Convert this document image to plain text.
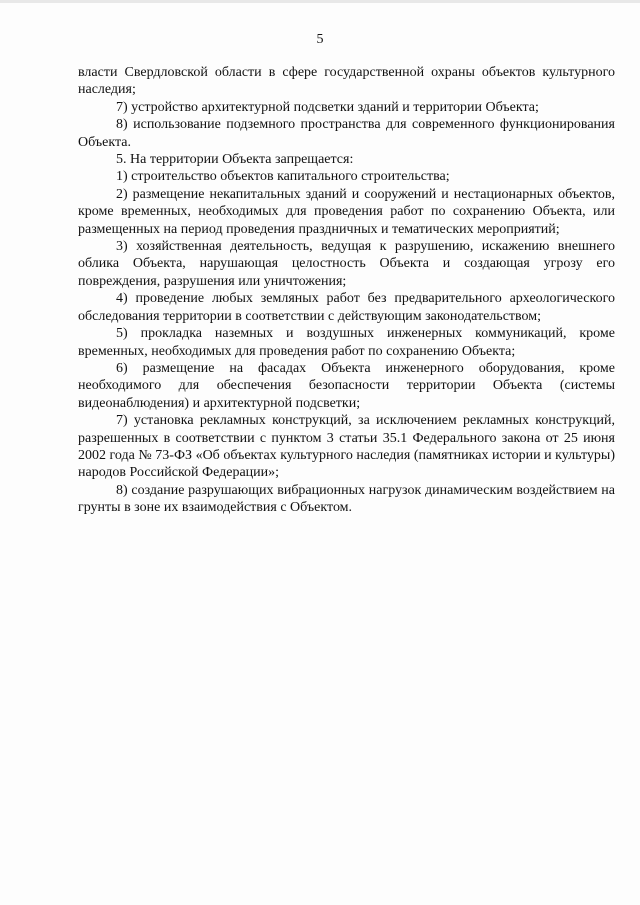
5

власти Свердловской области в сфере государственной охраны объектов культурного наследия;

7) устройство архитектурной подсветки зданий и территории Объекта;

8) использование подземного пространства для современного функционирования Объекта.

5. На территории Объекта запрещается:

1) строительство объектов капитального строительства;

2) размещение некапитальных зданий и сооружений и нестационарных объектов, кроме временных, необходимых для проведения работ по сохранению Объекта, или размещенных на период проведения праздничных и тематических мероприятий;

3) хозяйственная деятельность, ведущая к разрушению, искажению внешнего облика Объекта, нарушающая целостность Объекта и создающая угрозу его повреждения, разрушения или уничтожения;

4) проведение любых земляных работ без предварительного археологического обследования территории в соответствии с действующим законодательством;

5) прокладка наземных и воздушных инженерных коммуникаций, кроме временных, необходимых для проведения работ по сохранению Объекта;

6) размещение на фасадах Объекта инженерного оборудования, кроме необходимого для обеспечения безопасности территории Объекта (системы видеонаблюдения) и архитектурной подсветки;

7) установка рекламных конструкций, за исключением рекламных конструкций, разрешенных в соответствии с пунктом 3 статьи 35.1 Федерального закона от 25 июня 2002 года № 73-ФЗ «Об объектах культурного наследия (памятниках истории и культуры) народов Российской Федерации»;

8) создание разрушающих вибрационных нагрузок динамическим воздействием на грунты в зоне их взаимодействия с Объектом.
